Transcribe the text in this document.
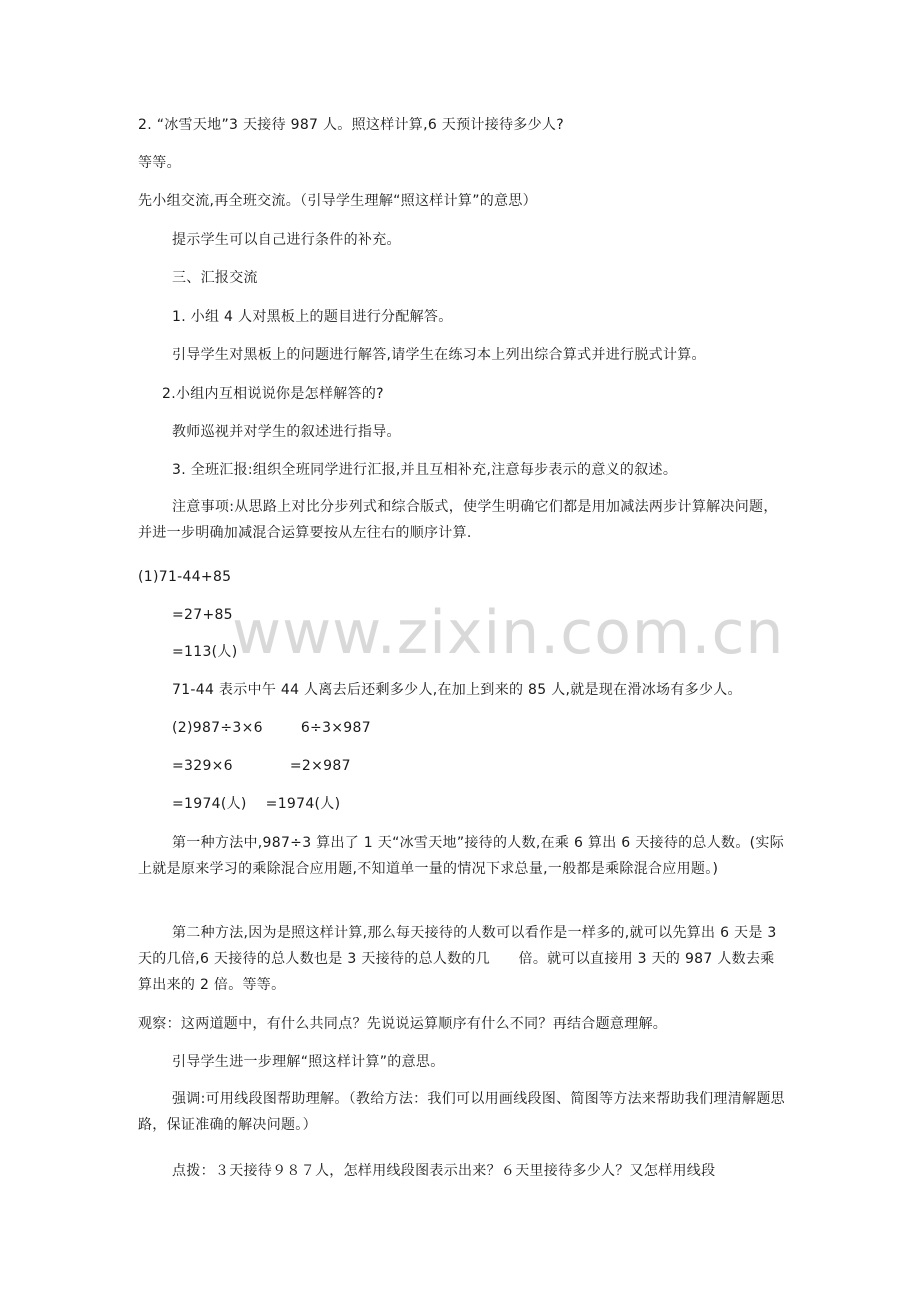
www.zixin.com.cn
2. “冰雪天地”3 天接待 987 人。照这样计算,6 天预计接待多少人?
等等。
先小组交流,再全班交流。（引导学生理解“照这样计算”的意思）
提示学生可以自己进行条件的补充。
三、汇报交流
1. 小组 4 人对黑板上的题目进行分配解答。
引导学生对黑板上的问题进行解答,请学生在练习本上列出综合算式并进行脱式计算。
2.小组内互相说说你是怎样解答的?
教师巡视并对学生的叙述进行指导。
3. 全班汇报:组织全班同学进行汇报,并且互相补充,注意每步表示的意义的叙述。
注意事项:从思路上对比分步列式和综合版式，使学生明确它们都是用加减法两步计算解决问题，并进一步明确加减混合运算要按从左往右的顺序计算.
(1)71-44+85
=27+85
=113(人)
71-44 表示中午 44 人离去后还剩多少人,在加上到来的 85 人,就是现在滑冰场有多少人。
(2)987÷3×6        6÷3×987
=329×6            =2×987
=1974(人)    =1974(人)
第一种方法中,987÷3 算出了 1 天“冰雪天地”接待的人数,在乘 6 算出 6 天接待的总人数。(实际上就是原来学习的乘除混合应用题,不知道单一量的情况下求总量,一般都是乘除混合应用题。)
第二种方法,因为是照这样计算,那么每天接待的人数可以看作是一样多的,就可以先算出 6 天是 3 天的几倍,6 天接待的总人数也是 3 天接待的总人数的几      倍。就可以直接用 3 天的 987 人数去乘算出来的 2 倍。等等。
观察：这两道题中，有什么共同点？先说说运算顺序有什么不同？再结合题意理解。
引导学生进一步理解“照这样计算”的意思。
强调:可用线段图帮助理解。（教给方法：我们可以用画线段图、简图等方法来帮助我们理清解题思路，保证准确的解决问题。）
点拨：３天接待９８７人，怎样用线段图表示出来？６天里接待多少人？又怎样用线段
